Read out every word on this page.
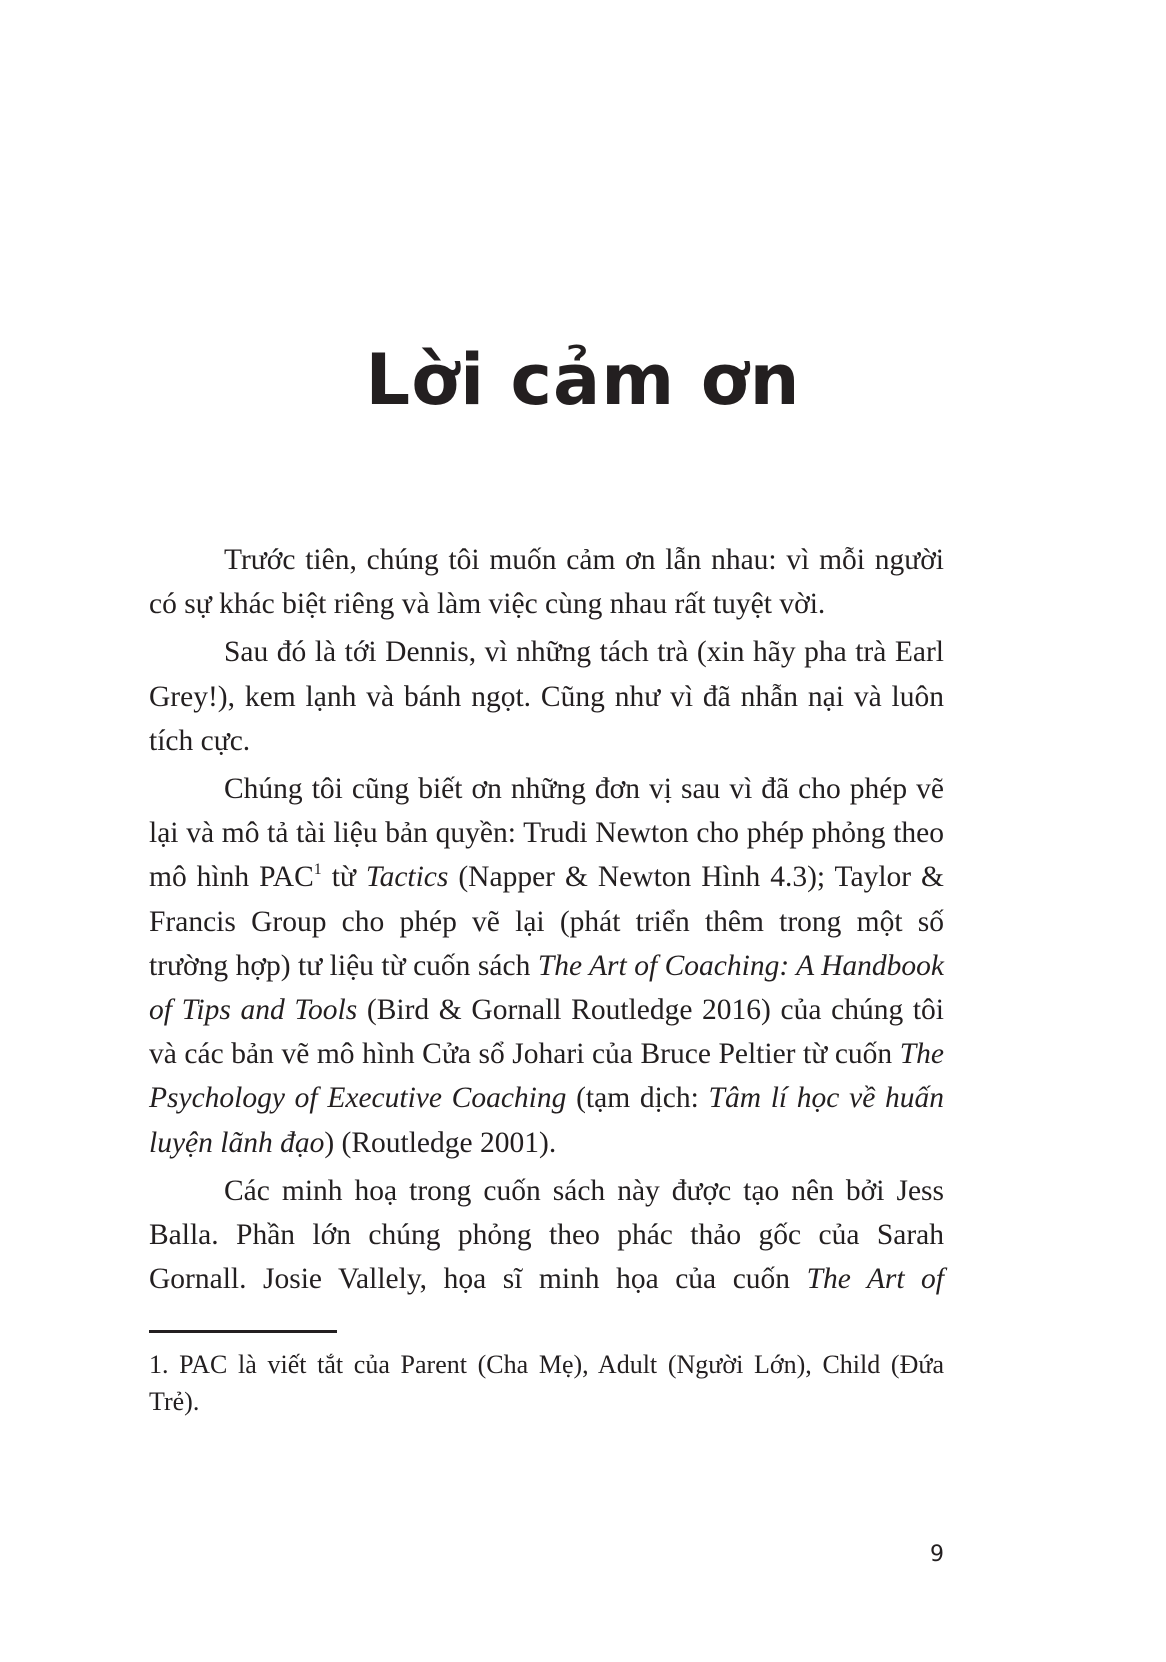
Lời cảm ơn

Trước tiên, chúng tôi muốn cảm ơn lẫn nhau: vì mỗi người có sự khác biệt riêng và làm việc cùng nhau rất tuyệt vời.

Sau đó là tới Dennis, vì những tách trà (xin hãy pha trà Earl Grey!), kem lạnh và bánh ngọt. Cũng như vì đã nhẫn nại và luôn tích cực.

Chúng tôi cũng biết ơn những đơn vị sau vì đã cho phép vẽ lại và mô tả tài liệu bản quyền: Trudi Newton cho phép phỏng theo mô hình PAC$^1$ từ Tactics (Napper & Newton Hình 4.3); Taylor & Francis Group cho phép vẽ lại (phát triển thêm trong một số trường hợp) tư liệu từ cuốn sách The Art of Coaching: A Handbook of Tips and Tools (Bird & Gornall Routledge 2016) của chúng tôi và các bản vẽ mô hình Cửa sổ Johari của Bruce Peltier từ cuốn The Psychology of Executive Coaching (tạm dịch: Tâm lí học về huấn luyện lãnh đạo) (Routledge 2001).

Các minh hoạ trong cuốn sách này được tạo nên bởi Jess Balla. Phần lớn chúng phỏng theo phác thảo gốc của Sarah Gornall. Josie Vallely, họa sĩ minh họa của cuốn The Art of

1. PAC là viết tắt của Parent (Cha Mẹ), Adult (Người Lớn), Child (Đứa Trẻ).
9
